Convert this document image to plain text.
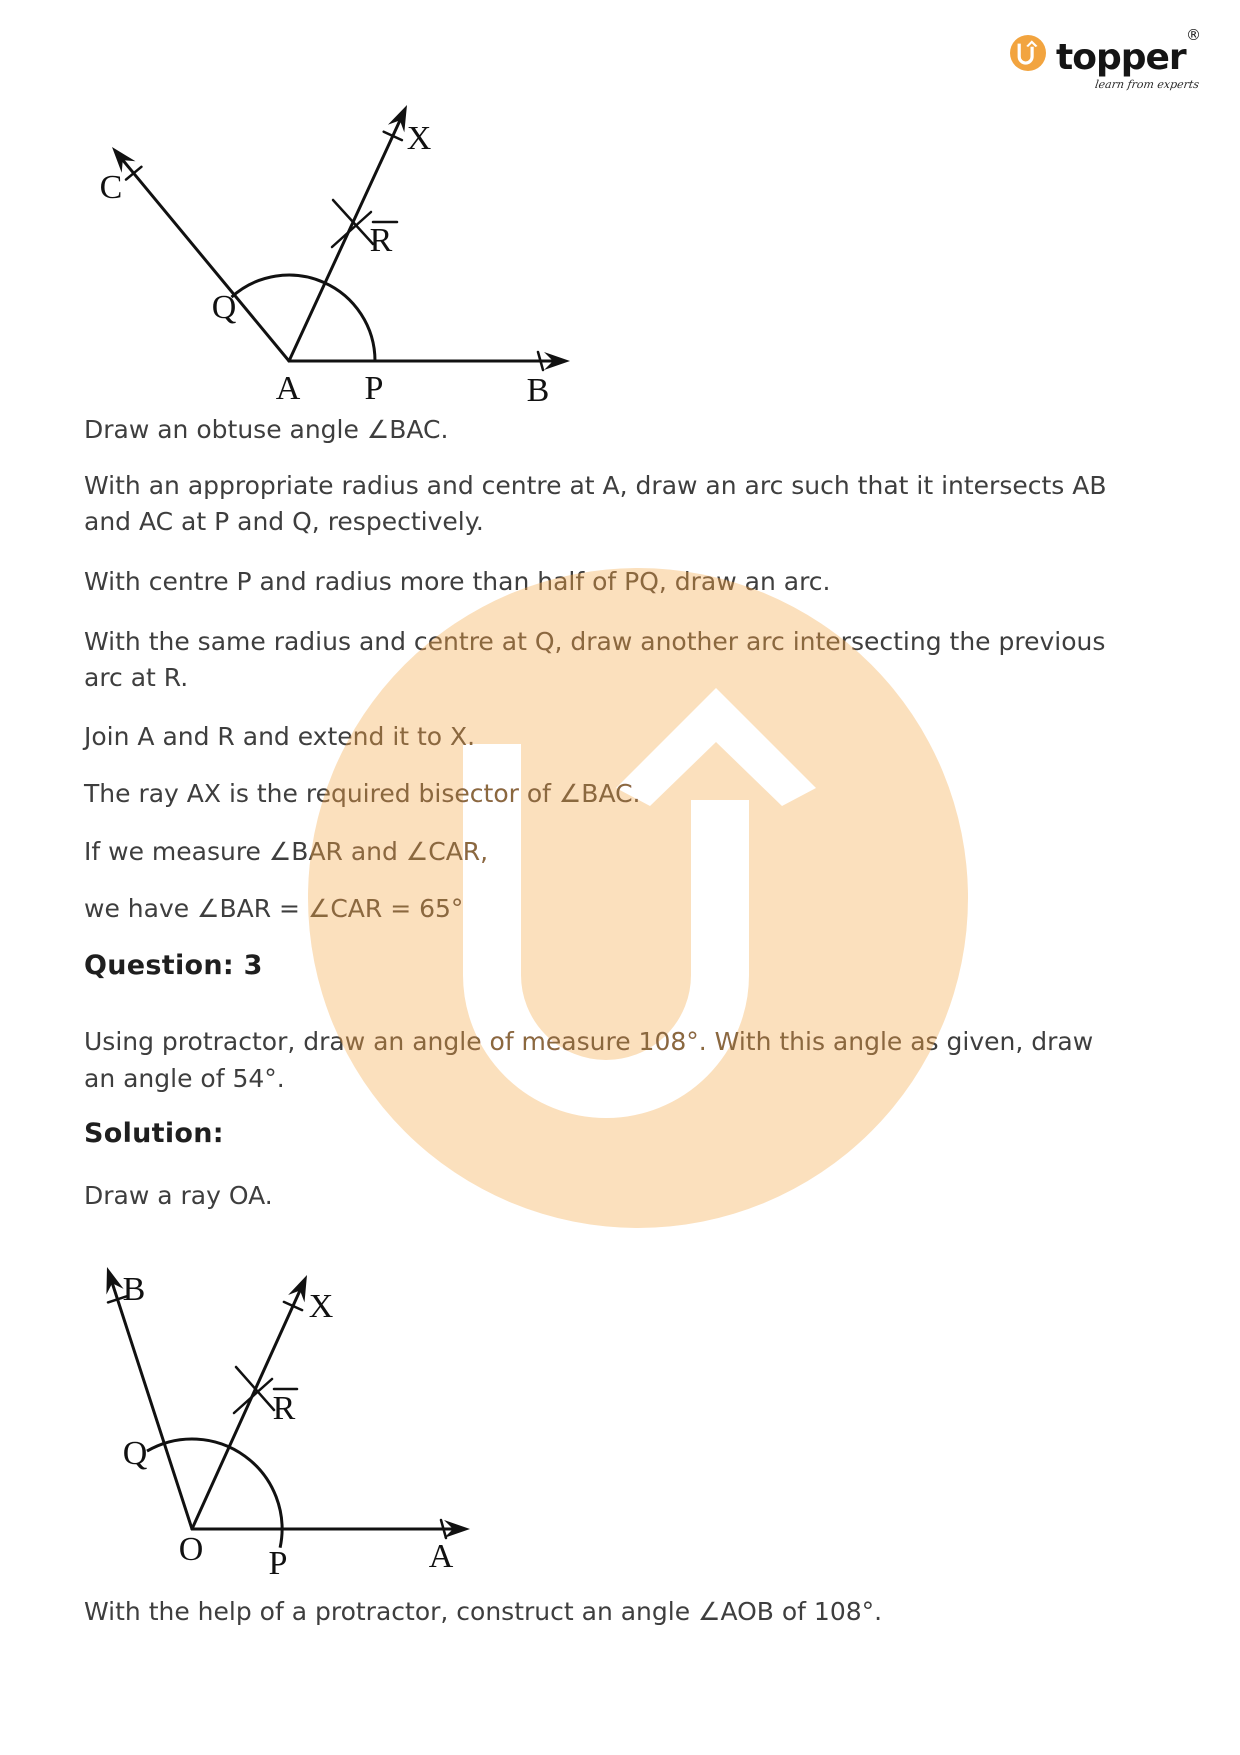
C
Q
A P	B
R
X
B
Q
O P	A
R
X
Draw an obtuse angle ∠BAC.
With an appropriate radius and centre at A, draw an arc such that it intersects AB
and AC at P and Q, respectively.
With centre P and radius more than half of PQ, draw an arc.
With the same radius and centre at Q, draw another arc intersecting the previous
arc at R.
Join A and R and extend it to X.
The ray AX is the required bisector of ∠BAC.
If we measure ∠BAR and ∠CAR,
we have ∠BAR = ∠CAR = 65°
Question: 3
Using protractor, draw an angle of measure 108°. With this angle as given, draw
an angle of 54°.
Solution:
Draw a ray OA.
With the help of a protractor, construct an angle ∠AOB of 108°.
topper
®
learn from experts
